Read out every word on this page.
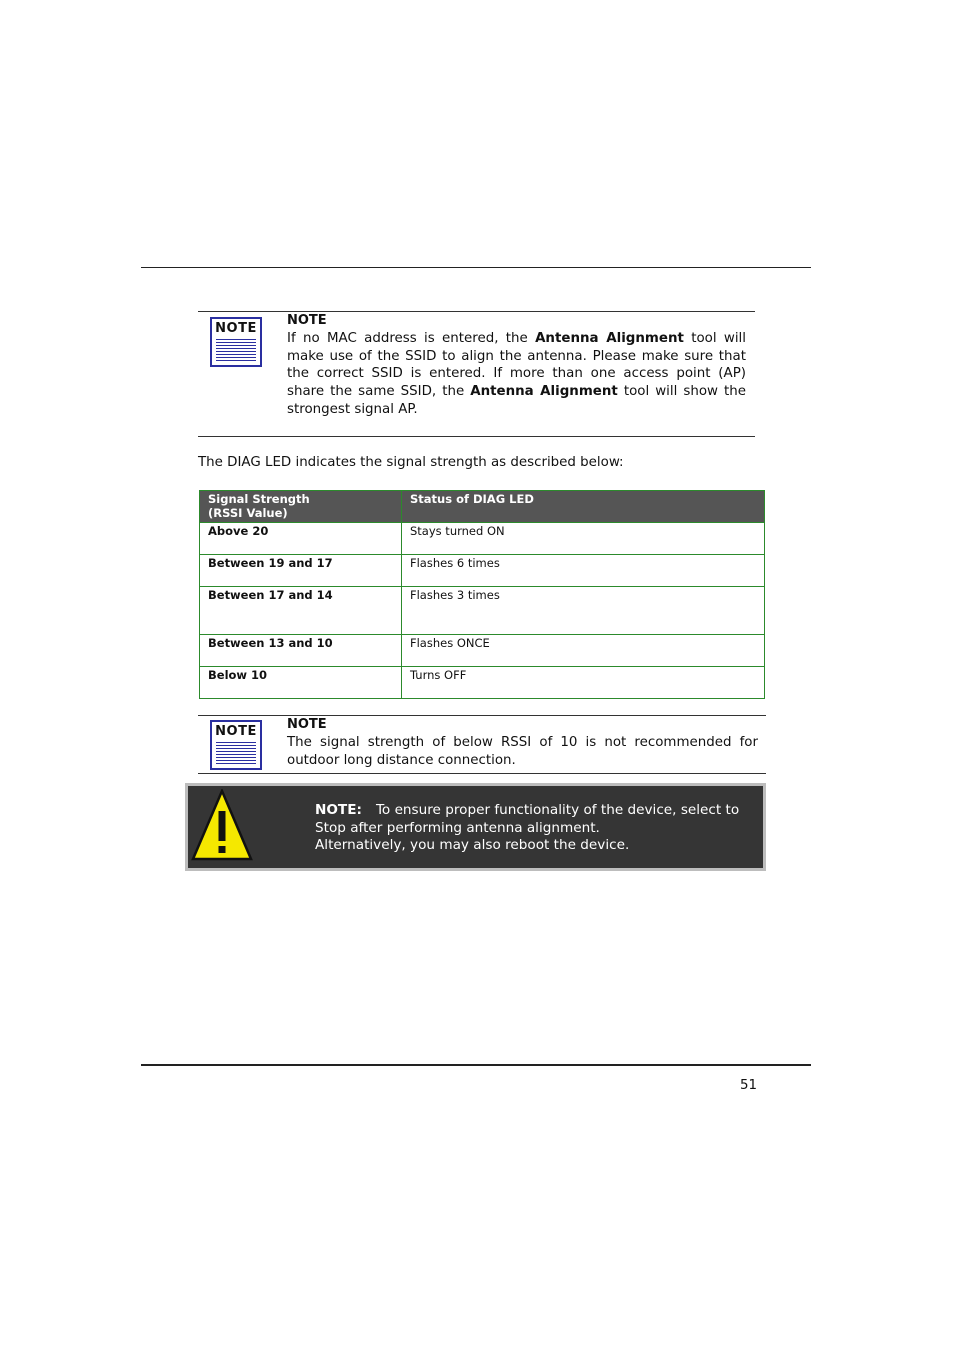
NOTE
NOTE
If no MAC address is entered, the Antenna Alignment tool will make use of the SSID to align the antenna. Please make sure that the correct SSID is entered. If more than one access point (AP) share the same SSID, the Antenna Alignment tool will show the strongest signal AP.
The DIAG LED indicates the signal strength as described below:
Signal Strength
(RSSI Value)	Status of DIAG LED
Above 20	Stays turned ON
Between 19 and 17	Flashes 6 times
Between 17 and 14	Flashes 3 times
Between 13 and 10	Flashes ONCE
Below 10	Turns OFF
NOTE NOTE
The signal strength of below RSSI of 10 is not recommended for outdoor long distance connection.
NOTE: To ensure proper functionality of the device, select to Stop after performing antenna alignment.
Alternatively, you may also reboot the device.
51
